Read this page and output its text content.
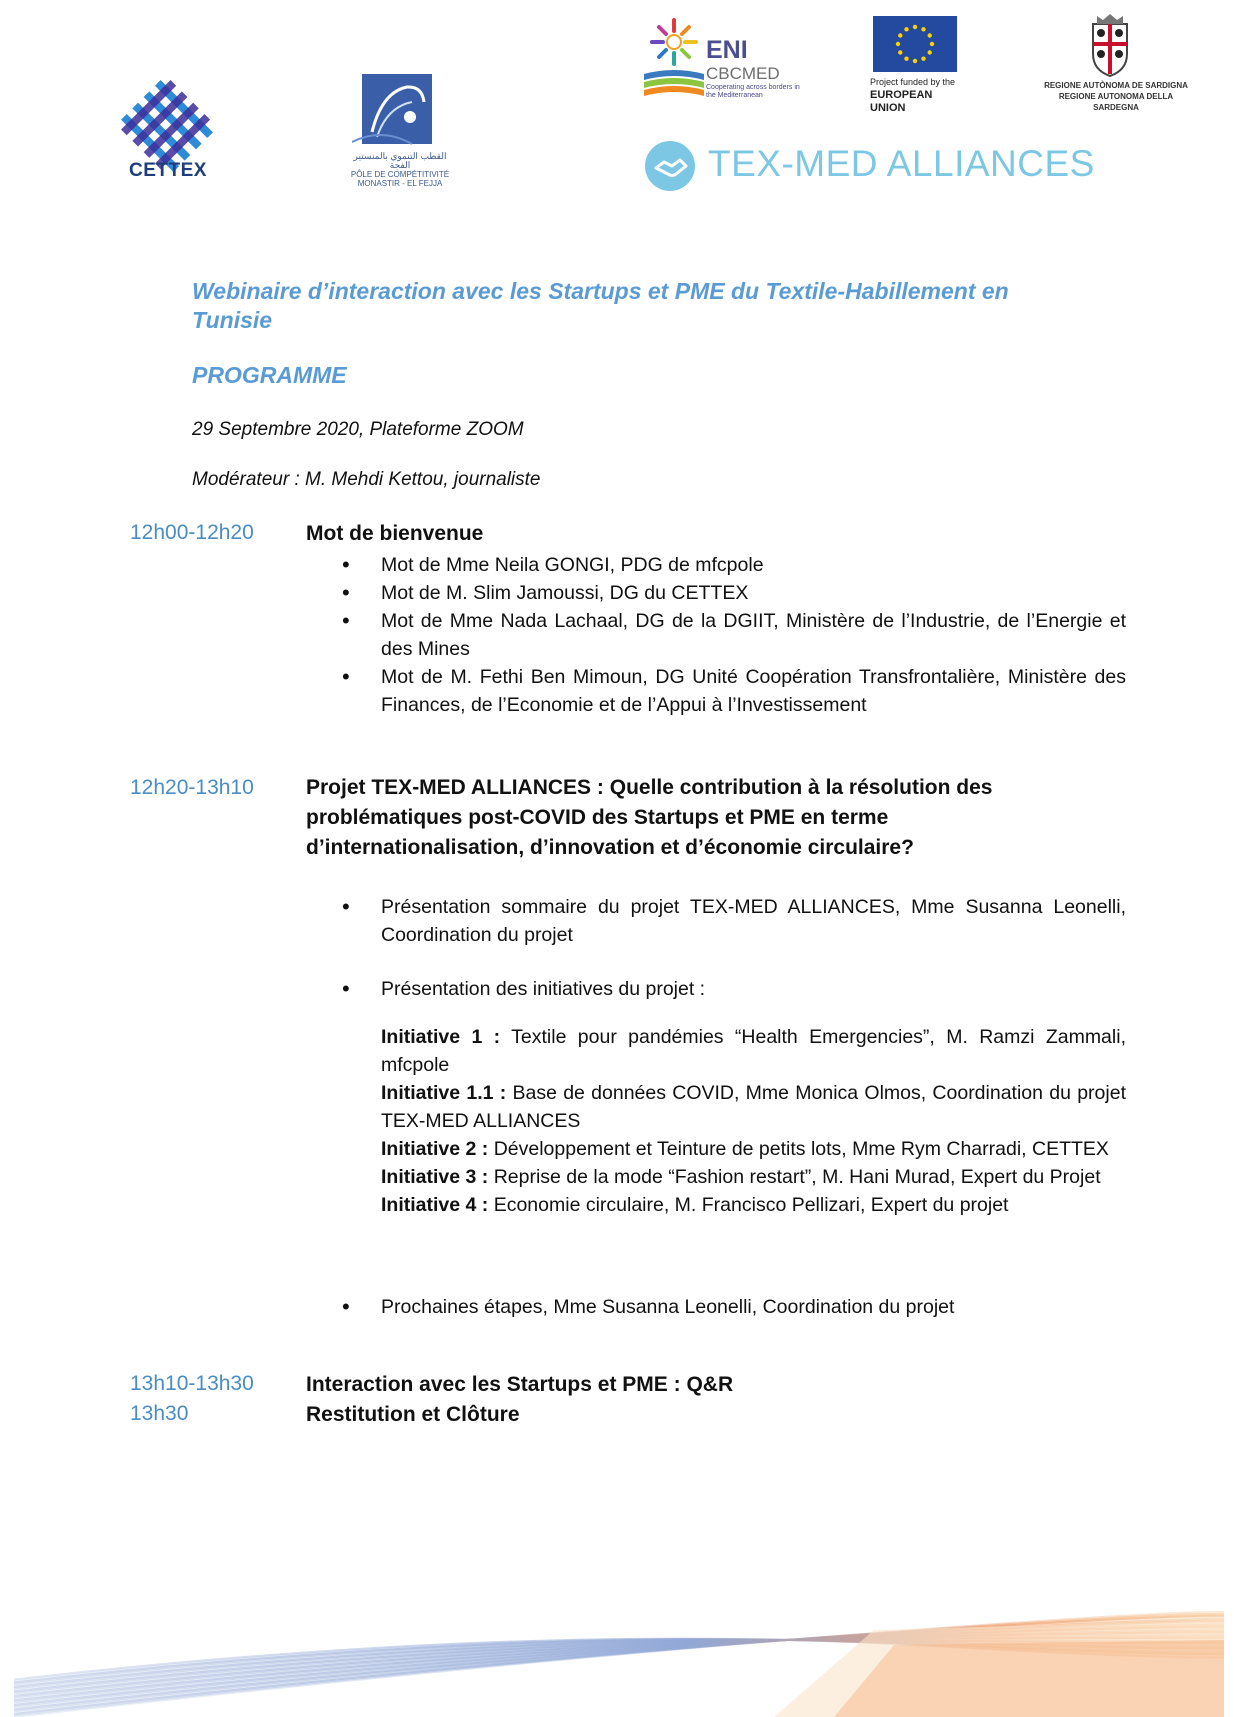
CETTEX
القطب التنموي بالمنستير الفجة
PÔLE DE COMPÉTITIVITÉ MONASTIR - EL FEJJA
ENI
CBCMED
Cooperating across borders in the Mediterranean
Project funded by the
EUROPEAN UNION
REGIONE AUTÒNOMA DE SARDIGNA
REGIONE AUTONOMA DELLA SARDEGNA
TEX-MED ALLIANCES
Webinaire d’interaction avec les Startups et PME du Textile-Habillement en Tunisie
PROGRAMME
29 Septembre 2020, Plateforme ZOOM
Modérateur : M. Mehdi Kettou, journaliste
12h00-12h20 Mot de bienvenue
• Mot de Mme Neila GONGI, PDG de mfcpole
• Mot de M. Slim Jamoussi, DG du CETTEX
• Mot de Mme Nada Lachaal, DG de la DGIIT, Ministère de l’Industrie, de l’Energie et des Mines
• Mot de M. Fethi Ben Mimoun, DG Unité Coopération Transfrontalière, Ministère des Finances, de l’Economie et de l’Appui à l’Investissement
12h20-13h10 Projet TEX-MED ALLIANCES : Quelle contribution à la résolution des problématiques post-COVID des Startups et PME en terme d’internationalisation, d’innovation et d’économie circulaire?
• Présentation sommaire du projet TEX-MED ALLIANCES, Mme Susanna Leonelli, Coordination du projet
• Présentation des initiatives du projet :

Initiative 1 : Textile pour pandémies “Health Emergencies”, M. Ramzi Zammali, mfcpole

Initiative 1.1 : Base de données COVID, Mme Monica Olmos, Coordination du projet TEX-MED ALLIANCES

Initiative 2 : Développement et Teinture de petits lots, Mme Rym Charradi, CETTEX

Initiative 3 : Reprise de la mode “Fashion restart”, M. Hani Murad, Expert du Projet

Initiative 4 : Economie circulaire, M. Francisco Pellizari, Expert du projet

• Prochaines étapes, Mme Susanna Leonelli, Coordination du projet
13h10-13h30 Interaction avec les Startups et PME : Q&R
13h30	Restitution et Clôture
